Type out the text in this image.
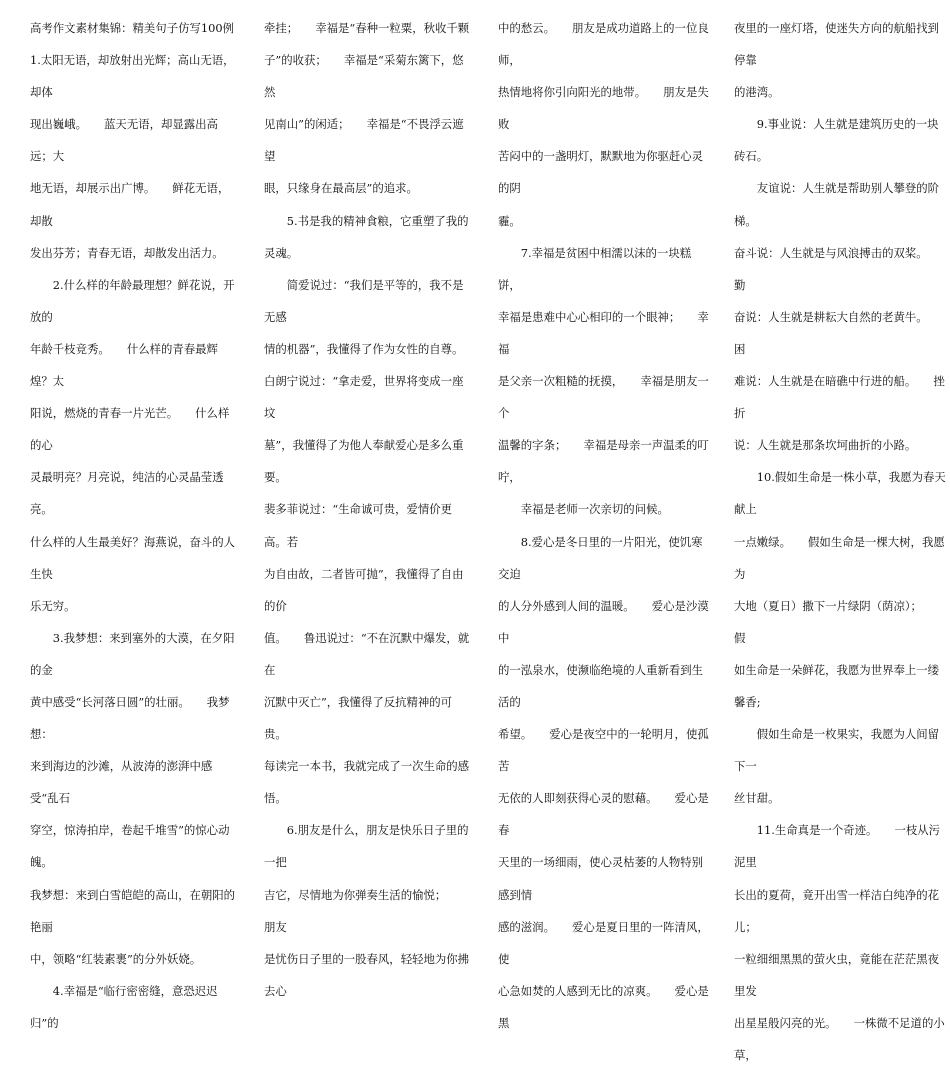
高考作文素材集锦：精美句子仿写100例

1.太阳无语，却放射出光辉；高山无语，却体

现出巍峨。　　蓝天无语，却显露出高远；大

地无语，却展示出广博。　　鲜花无语，却散

发出芬芳；青春无语，却散发出活力。

　　2.什么样的年龄最理想？鲜花说，开放的

年龄千枝竞秀。　　什么样的青春最辉煌？太

阳说，燃烧的青春一片光芒。　　什么样的心

灵最明亮？月亮说，纯洁的心灵晶莹透亮。

什么样的人生最美好？海燕说，奋斗的人生快

乐无穷。

　　3.我梦想：来到塞外的大漠，在夕阳的金

黄中感受“长河落日圆”的壮丽。　　我梦想：

来到海边的沙滩，从波涛的澎湃中感受“乱石

穿空，惊涛拍岸，卷起千堆雪”的惊心动魄。

我梦想：来到白雪皑皑的高山，在朝阳的艳丽

中，领略“红装素裹”的分外妖娆。

　　4.幸福是“临行密密缝，意恐迟迟归”的

牵挂；　　幸福是“春种一粒粟，秋收千颗

子”的收获；　　幸福是“采菊东篱下，悠然

见南山”的闲适；　　幸福是“不畏浮云遮望

眼，只缘身在最高层”的追求。

　　5.书是我的精神食粮，它重塑了我的灵魂。

　　简爱说过：“我们是平等的，我不是无感

情的机器”，我懂得了作为女性的自尊。

白朗宁说过：“拿走爱，世界将变成一座坟

墓”，我懂得了为他人奉献爱心是多么重要。

裴多菲说过：“生命诚可贵，爱情价更高。若

为自由故，二者皆可抛”，我懂得了自由的价

值。　　鲁迅说过：“不在沉默中爆发，就在

沉默中灭亡”，我懂得了反抗精神的可贵。

每读完一本书，我就完成了一次生命的感悟。

　　6.朋友是什么，朋友是快乐日子里的一把

吉它，尽情地为你弹奏生活的愉悦；　　朋友

是忧伤日子里的一股春风，轻轻地为你拂去心

中的愁云。　　朋友是成功道路上的一位良师，

热情地将你引向阳光的地带。　　朋友是失败

苦闷中的一盏明灯，默默地为你驱赶心灵的阴

霾。

　　7.幸福是贫困中相濡以沫的一块糕饼，

幸福是患难中心心相印的一个眼神；　　幸福

是父亲一次粗糙的抚摸，　　幸福是朋友一个

温馨的字条；　　幸福是母亲一声温柔的叮咛，

　　幸福是老师一次亲切的问候。

　　8.爱心是冬日里的一片阳光，使饥寒交迫

的人分外感到人间的温暖。　　爱心是沙漠中

的一泓泉水，使濒临绝境的人重新看到生活的

希望。　　爱心是夜空中的一轮明月，使孤苦

无依的人即刻获得心灵的慰藉。　　爱心是春

天里的一场细雨，使心灵枯萎的人物特别感到情

感的滋润。　　爱心是夏日里的一阵清风，使

心急如焚的人感到无比的凉爽。　　爱心是黑

夜里的一座灯塔，使迷失方向的航船找到停靠

的港湾。

　　9.事业说：人生就是建筑历史的一块砖石。

　　友谊说：人生就是帮助别人攀登的阶梯。

奋斗说：人生就是与风浪搏击的双桨。　　勤

奋说：人生就是耕耘大自然的老黄牛。　　困

难说：人生就是在暗礁中行进的船。　　挫折

说：人生就是那条坎坷曲折的小路。

　　10.假如生命是一株小草，我愿为春天献上

一点嫩绿。　　假如生命是一棵大树，我愿为

大地（夏日）撒下一片绿阴（荫凉）；　　假

如生命是一朵鲜花，我愿为世界奉上一缕馨香;

　　假如生命是一枚果实，我愿为人间留下一

丝甘甜。

　　11.生命真是一个奇迹。　　一枝从污泥里

长出的夏荷，竟开出雪一样洁白纯净的花儿；

一粒细细黑黑的萤火虫，竟能在茫茫黑夜里发

出星星般闪亮的光。　　一株微不足道的小草，
